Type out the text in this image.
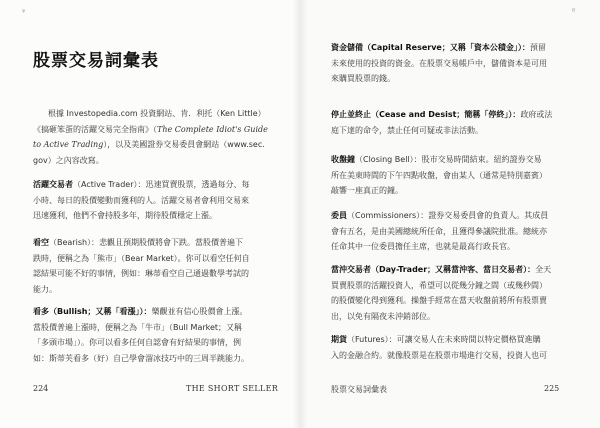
ψ
股票交易詞彙表

根據 Investopedia.com 投資網站、肯．利托（Ken Little）
《搞砸笨蛋的活躍交易完全指南》（The Complete Idiot's Guide
to Active Trading），以及美國證券交易委員會網站（www.sec.
gov）之內容改寫。

活躍交易者（Active Trader）：迅速買賣股票，透過每分、每
小時、每日的股價變動而獲利的人。活躍交易者會利用交易來
迅速獲利，他們不會持股多年，期待股價穩定上漲。

看空（Bearish）：悲觀且預期股價將會下跌。當股價普遍下
跌時，便稱之為「熊市」（Bear Market）。你可以看空任何自
認結果可能不好的事情，例如：琳蒂看空自己通過數學考試的
能力。

看多（Bullish；又稱「看漲」）：樂觀並有信心股價會上漲。
當股價普遍上漲時，便稱之為「牛市」（Bull Market；又稱
「多頭市場」）。你可以看多任何自認會有好結果的事情，例
如：斯蒂芙看多（好）自己學會溜冰技巧中的三周半跳能力。

224	THE SHORT SELLER
θ

資金儲備（Capital Reserve；又稱「資本公積金」）：預留
未來使用的投資的資金。在股票交易帳戶中，儲備資本是可用
來購買股票的錢。

停止並終止（Cease and Desist；簡稱「停終」）：政府或法
庭下達的命令，禁止任何可疑或非法活動。

收盤鐘（Closing Bell）：股市交易時間結束。紐約證券交易
所在美東時間的下午四點收盤，會由某人（通常是特別嘉賓）
敲響一座真正的鐘。

委員（Commissioners）：證券交易委員會的負責人。其成員
會有五名，是由美國總統所任命，且獲得參議院批准。總統亦
任命其中一位委員擔任主席，也就是最高行政長官。

當沖交易者（Day-Trader；又稱當沖客、當日交易者）：全天
買賣股票的活躍投資人，希望可以從幾分鐘之間（或幾秒間）
的股價變化得到獲利。操盤手經常在當天收盤前將所有股票賣
出，以免有隔夜未沖銷部位。

期貨（Futures）：可讓交易人在未來時間以特定價格買進購
入的金融合約。就像股票是在股票市場進行交易，投資人也可

股票交易詞彙表	225
